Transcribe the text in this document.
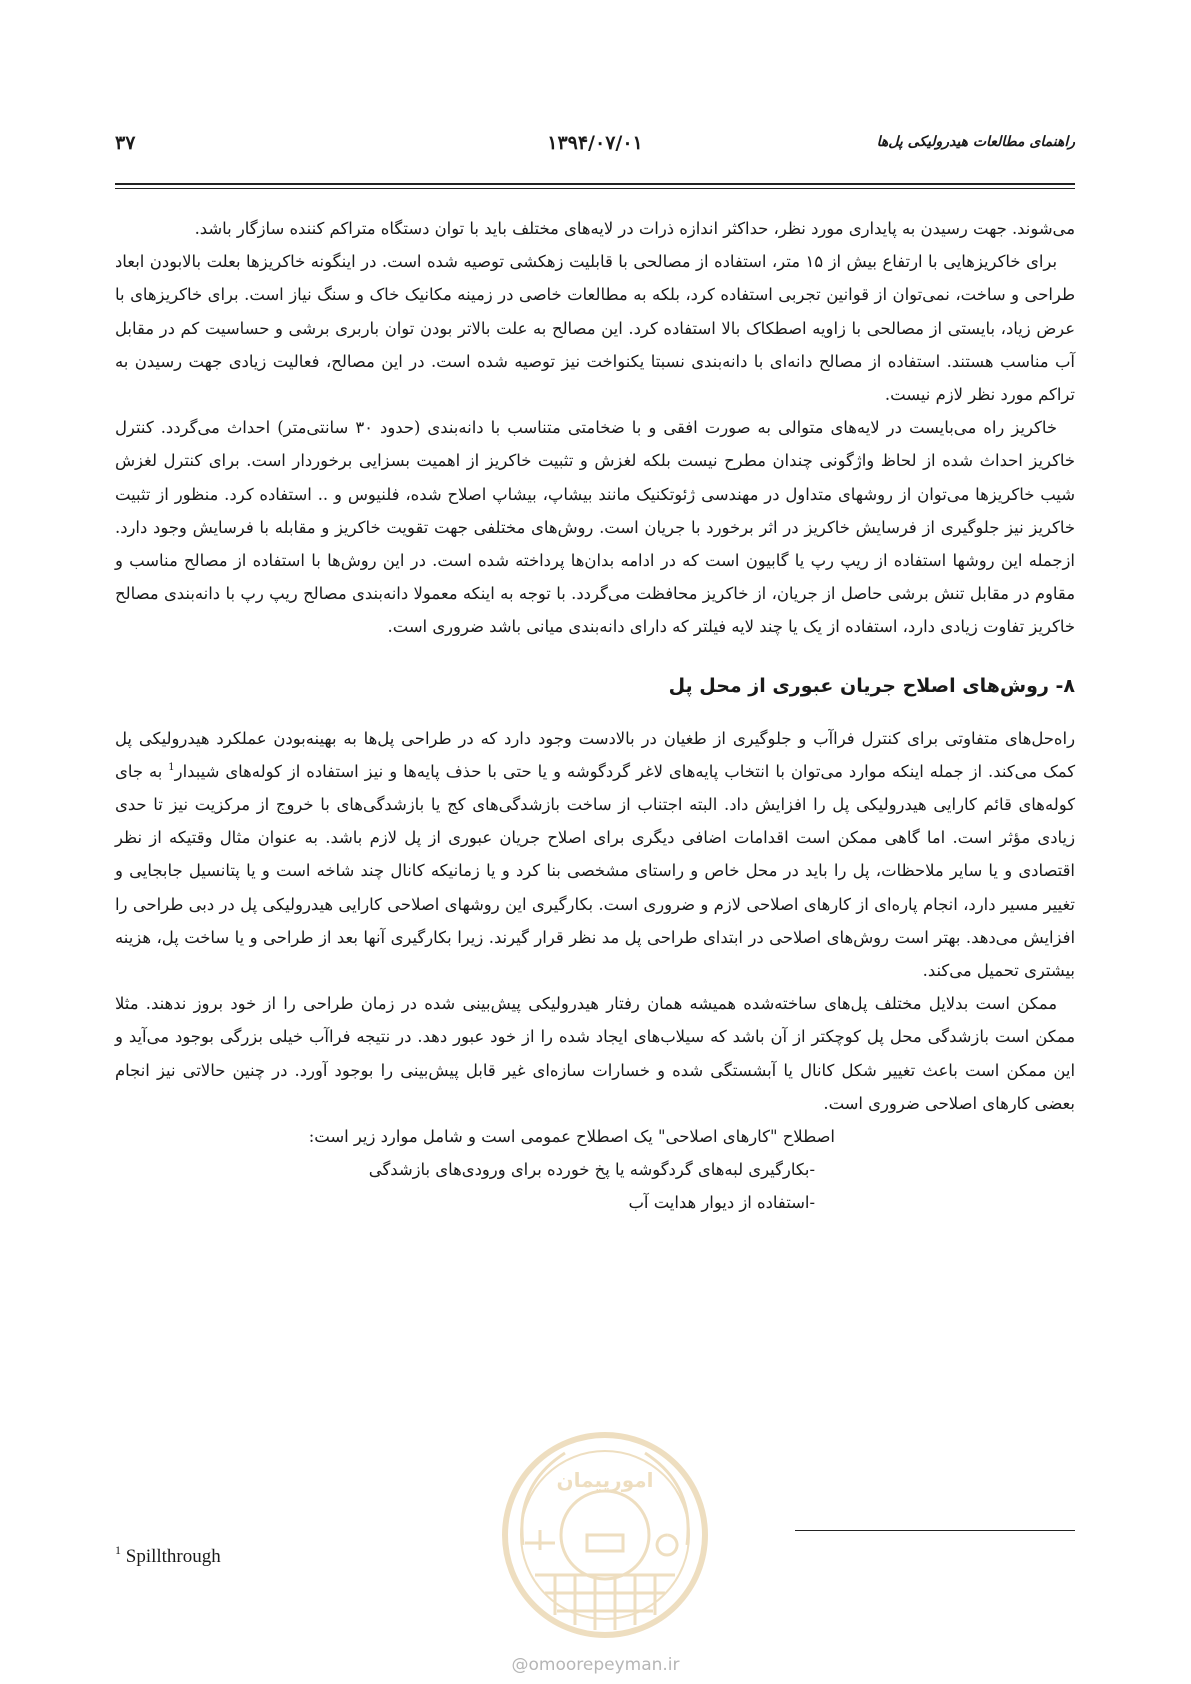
راهنمای مطالعات هیدرولیکی پل‌ها
۱۳۹۴/۰۷/۰۱
۳۷

می‌شوند. جهت رسیدن به پایداری مورد نظر، حداکثر اندازه ذرات در لایه‌های مختلف باید با توان دستگاه متراکم کننده سازگار باشد.

برای خاکریزهایی با ارتفاع بیش از ۱۵ متر، استفاده از مصالحی با قابلیت زهکشی توصیه شده است. در اینگونه خاکریزها بعلت بالابودن ابعاد طراحی و ساخت، نمی‌توان از قوانین تجربی استفاده کرد، بلکه به مطالعات خاصی در زمینه مکانیک خاک و سنگ نیاز است. برای خاکریزهای با عرض زیاد، بایستی از مصالحی با زاویه اصطکاک بالا استفاده کرد. این مصالح به علت بالاتر بودن توان باربری برشی و حساسیت کم در مقابل آب مناسب هستند. استفاده از مصالح دانه‌ای با دانه‌بندی نسبتا یکنواخت نیز توصیه شده است. در این مصالح، فعالیت زیادی جهت رسیدن به تراکم مورد نظر لازم نیست.

خاکریز راه می‌بایست در لایه‌های متوالی به صورت افقی و با ضخامتی متناسب با دانه‌بندی (حدود ۳۰ سانتی‌متر) احداث می‌گردد. کنترل خاکریز احداث شده از لحاظ واژگونی چندان مطرح نیست بلکه لغزش و تثبیت خاکریز از اهمیت بسزایی برخوردار است. برای کنترل لغزش شیب خاکریزها می‌توان از روشهای متداول در مهندسی ژئوتکنیک مانند بیشاپ، بیشاپ اصلاح شده، فلنیوس و .. استفاده کرد. منظور از تثبیت خاکریز نیز جلوگیری از فرسایش خاکریز در اثر برخورد با جریان است. روش‌های مختلفی جهت تقویت خاکریز و مقابله با فرسایش وجود دارد. ازجمله این روشها استفاده از ریپ رپ یا گابیون است که در ادامه بدان‌ها پرداخته شده است. در این روش‌ها با استفاده از مصالح مناسب و مقاوم در مقابل تنش برشی حاصل از جریان، از خاکریز محافظت می‌گردد. با توجه به اینکه معمولا دانه‌بندی مصالح ریپ رپ با دانه‌بندی مصالح خاکریز تفاوت زیادی دارد، استفاده از یک یا چند لایه فیلتر که دارای دانه‌بندی میانی باشد ضروری است.

۸- روش‌های اصلاح جریان عبوری از محل پل

راه‌حل‌های متفاوتی برای کنترل فراآب و جلوگیری از طغیان در بالادست وجود دارد که در طراحی پل‌ها به بهینه‌بودن عملکرد هیدرولیکی پل کمک می‌کند. از جمله اینکه موارد می‌توان با انتخاب پایه‌های لاغر گردگوشه و یا حتی با حذف پایه‌ها و نیز استفاده از کوله‌های شیبدار$^1$ به جای کوله‌های قائم کارایی هیدرولیکی پل را افزایش داد. البته اجتناب از ساخت بازشدگی‌های کج یا بازشدگی‌های با خروج از مرکزیت نیز تا حدی زیادی مؤثر است. اما گاهی ممکن است اقدامات اضافی دیگری برای اصلاح جریان عبوری از پل لازم باشد. به عنوان مثال وقتیکه از نظر اقتصادی و یا سایر ملاحظات، پل را باید در محل خاص و راستای مشخصی بنا کرد و یا زمانیکه کانال چند شاخه است و یا پتانسیل جابجایی و تغییر مسیر دارد، انجام پاره‌ای از کارهای اصلاحی لازم و ضروری است. بکارگیری این روشهای اصلاحی کارایی هیدرولیکی پل در دبی طراحی را افزایش می‌دهد. بهتر است روش‌های اصلاحی در ابتدای طراحی پل مد نظر قرار گیرند. زیرا بکارگیری آنها بعد از طراحی و یا ساخت پل، هزینه بیشتری تحمیل می‌کند.

ممکن است بدلایل مختلف پل‌های ساخته‌شده همیشه همان رفتار هیدرولیکی پیش‌بینی شده در زمان طراحی را از خود بروز ندهند. مثلا ممکن است بازشدگی محل پل کوچکتر از آن باشد که سیلاب‌های ایجاد شده را از خود عبور دهد. در نتیجه فراآب خیلی بزرگی بوجود می‌آید و این ممکن است باعث تغییر شکل کانال یا آبشستگی شده و خسارات سازه‌ای غیر قابل پیش‌بینی را بوجود آورد. در چنین حالاتی نیز انجام بعضی کارهای اصلاحی ضروری است.

اصطلاح "کارهای اصلاحی" یک اصطلاح عمومی است و شامل موارد زیر است:

-بکارگیری لبه‌های گردگوشه یا پخ خورده برای ورودی‌های بازشدگی
-استفاده از دیوار هدایت آب
$^1$ Spillthrough
امورپیمان
@omoorepeyman.ir
